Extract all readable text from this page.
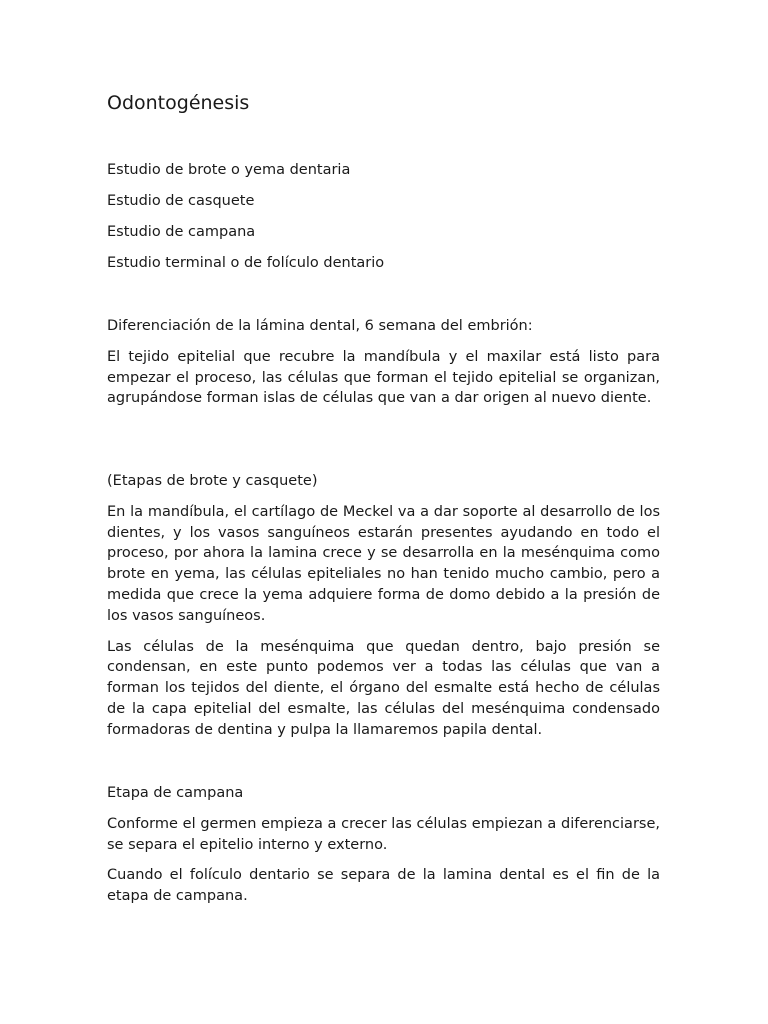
Odontogénesis
Estudio de brote o yema dentaria
Estudio de casquete
Estudio de campana
Estudio terminal o de folículo dentario

Diferenciación de la lámina dental, 6 semana del embrión:

El tejido epitelial que recubre la mandíbula y el maxilar está listo para empezar el proceso, las células que forman el tejido epitelial se organizan, agrupándose forman islas de células que van a dar origen al nuevo diente.

(Etapas de brote y casquete)

En la mandíbula, el cartílago de Meckel va a dar soporte al desarrollo de los dientes, y los vasos sanguíneos estarán presentes ayudando en todo el proceso, por ahora la lamina crece y se desarrolla en la mesénquima como brote en yema, las células epiteliales no han tenido mucho cambio, pero a medida que crece la yema adquiere forma de domo debido a la presión de los vasos sanguíneos.

Las células de la mesénquima que quedan dentro, bajo presión se condensan, en este punto podemos ver a todas las células que van a forman los tejidos del diente, el órgano del esmalte está hecho de células de la capa epitelial del esmalte, las células del mesénquima condensado formadoras de dentina y pulpa la llamaremos papila dental.

Etapa de campana

Conforme el germen empieza a crecer las células empiezan a diferenciarse, se separa el epitelio interno y externo.

Cuando el folículo dentario se separa de la lamina dental es el fin de la etapa de campana.
